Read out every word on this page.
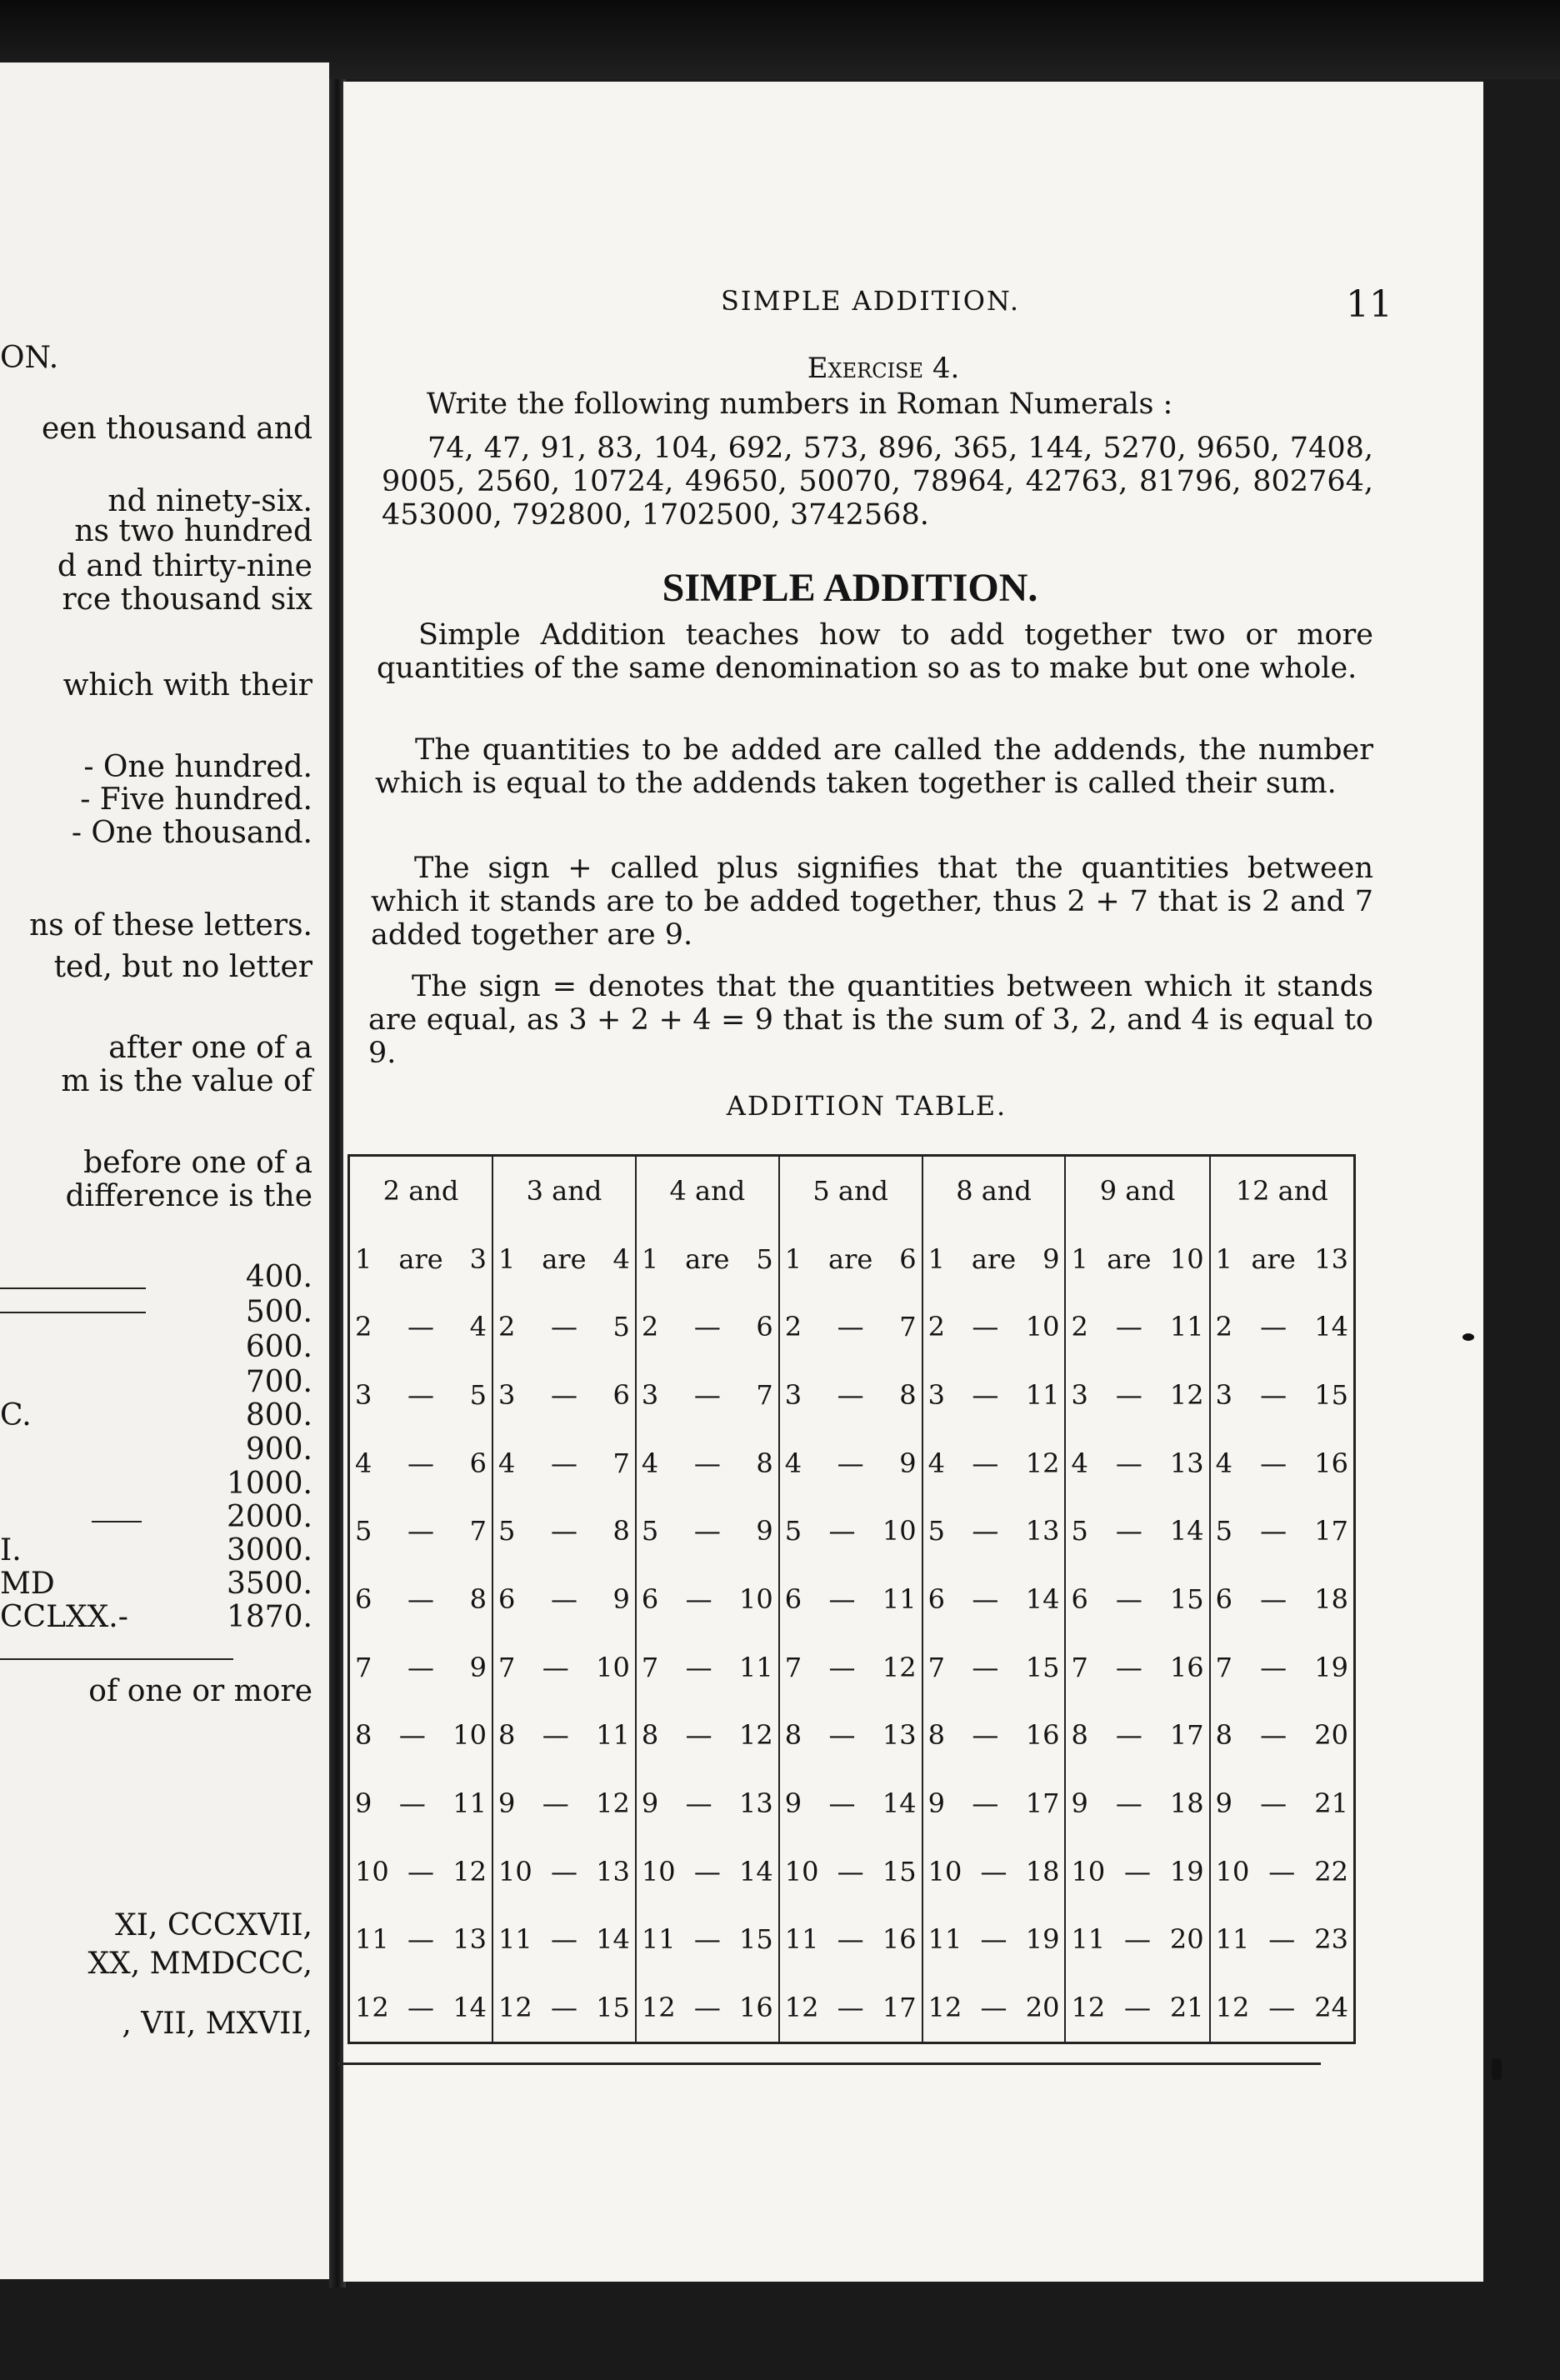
ON.
een thousand and
nd ninety-six.
ns two hundred
d and thirty-nine
rce thousand six
which with their
- One hundred.
- Five hundred.
- One thousand.
ns of these letters.
ted, but no letter
after one of a
m is the value of
before one of a
difference is the
of one or more
XI, CCCXVII,
XX, MMDCCC,
, VII, MXVII,
400.
500.
600.
700.
C.	800.
900.
1000.
2000.
I.	3000.
MD	3500.
CCLXX.-	1870.
SIMPLE ADDITION.	11
Exercise 4.
Write the following numbers in Roman Numerals :
74, 47, 91, 83, 104, 692, 573, 896, 365, 144, 5270, 9650, 7408, 9005, 2560, 10724, 49650, 50070, 78964, 42763, 81796, 802764, 453000, 792800, 1702500, 3742568.
SIMPLE ADDITION.
Simple Addition teaches how to add together two or more quantities of the same denomination so as to make but one whole.
The quantities to be added are called the addends, the number which is equal to the addends taken together is called their sum.
The sign + called plus signifies that the quantities between which it stands are to be added together, thus 2 + 7 that is 2 and 7 added together are 9.
The sign = denotes that the quantities between which it stands are equal, as 3 + 2 + 4 = 9 that is the sum of 3, 2, and 4 is equal to 9.
ADDITION TABLE.
2 and	3 and	4 and	5 and	8 and	9 and	12 and

1 are 3	1 are 4	1 are 5	1 are 6	1 are 9	1 are 10	1 are 13

2 — 4	2 — 5	2 — 6	2 — 7	2 — 10	2 — 11	2 — 14

3 — 5	3 — 6	3 — 7	3 — 8	3 — 11	3 — 12	3 — 15

4 — 6	4 — 7	4 — 8	4 — 9	4 — 12	4 — 13	4 — 16

5 — 7	5 — 8	5 — 9	5 — 10	5 — 13	5 — 14	5 — 17

6 — 8	6 — 9	6 — 10	6 — 11	6 — 14	6 — 15	6 — 18

7 — 9	7 — 10	7 — 11	7 — 12	7 — 15	7 — 16	7 — 19

8 — 10	8 — 11	8 — 12	8 — 13	8 — 16	8 — 17	8 — 20

9 — 11	9 — 12	9 — 13	9 — 14	9 — 17	9 — 18	9 — 21

10 — 12	10 — 13	10 — 14	10 — 15	10 — 18	10 — 19	10 — 22

11 — 13	11 — 14	11 — 15	11 — 16	11 — 19	11 — 20	11 — 23

12 — 14	12 — 15	12 — 16	12 — 17	12 — 20	12 — 21	12 — 24
